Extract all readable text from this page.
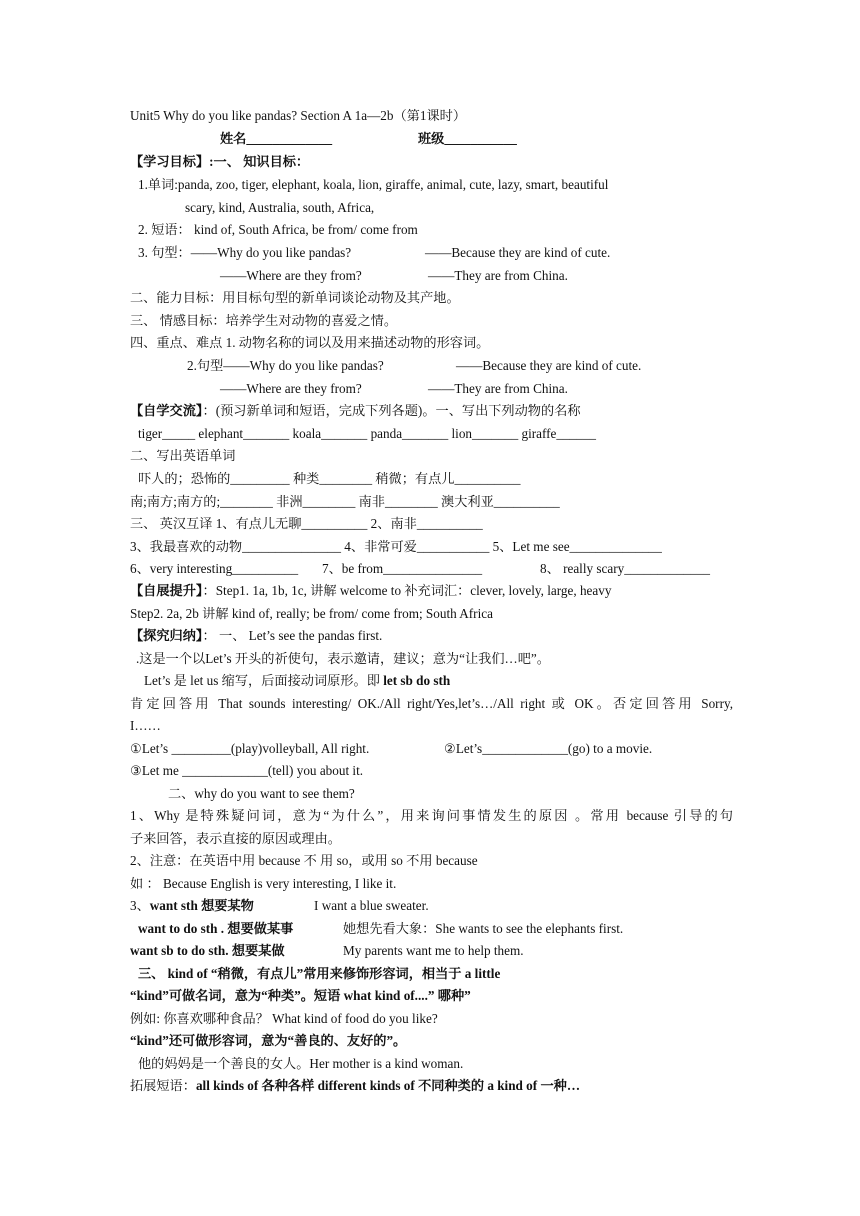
Unit5 Why do you like pandas? Section A 1a—2b（第1课时）
姓名_____________	班级___________
【学习目标】:一、 知识目标：
1.单词:panda, zoo, tiger, elephant, koala, lion, giraffe, animal, cute, lazy, smart, beautiful
scary, kind, Australia, south, Africa,
2. 短语： kind of, South Africa, be from/ come from
3. 句型：——Why do you like pandas?	——Because they are kind of cute.
——Where are they from?	——They are from China.
二、能力目标：用目标句型的新单词谈论动物及其产地。
三、 情感目标：培养学生对动物的喜爱之情。
四、重点、难点 1. 动物名称的词以及用来描述动物的形容词。
2.句型——Why do you like pandas?	——Because they are kind of cute.
——Where are they from?	——They are from China.
【自学交流】：(预习新单词和短语，完成下列各题)。一、写出下列动物的名称
tiger_____ elephant_______ koala_______ panda_______ lion_______ giraffe______
二、写出英语单词
吓人的；恐怖的_________ 种类________ 稍微；有点儿__________
南;南方;南方的;________ 非洲________ 南非________ 澳大利亚__________
三、 英汉互译 1、有点儿无聊__________ 2、南非__________
3、我最喜欢的动物_______________ 4、非常可爱___________ 5、Let me see______________
6、very interesting__________ 7、be from_______________	8、 really scary_____________
【自展提升】：Step1. 1a, 1b, 1c, 讲解 welcome to 补充词汇：clever, lovely, large, heavy
Step2. 2a, 2b 讲解 kind of, really; be from/ come from; South Africa
【探究归纳】： 一、 Let’s see the pandas first.
.这是一个以Let’s 开头的祈使句，表示邀请，建议；意为“让我们…吧”。
Let’s 是 let us 缩写，后面接动词原形。即 let sb do sth
肯定回答用 That sounds interesting/ OK./All right/Yes,let’s…/All right 或 OK。否定回答用 Sorry,
I……
①Let’s _________(play)volleyball, All right.	②Let’s_____________(go) to a movie.
③Let me _____________(tell) you about it.
二、why do you want to see them?
1、Why 是特殊疑问词，意为“为什么”，用来询问事情发生的原因 。常用 because 引导的句
子来回答，表示直接的原因或理由。
2、注意：在英语中用 because 不 用 so，或用 so 不用 because
如 ： Because English is very interesting, I like it.
3、want sth 想要某物	I want a blue sweater.
want to do sth . 想要做某事	她想先看大象：She wants to see the elephants first.
want sb to do sth. 想要某做	My parents want me to help them.
三、 kind of “稍微，有点儿”常用来修饰形容词，相当于 a little
“kind”可做名词，意为“种类”。短语 what kind of....” 哪种”
例如: 你喜欢哪种食品？ What kind of food do you like?
“kind”还可做形容词，意为“善良的、友好的”。
他的妈妈是一个善良的女人。Her mother is a kind woman.
拓展短语：all kinds of 各种各样 different kinds of 不同种类的 a kind of 一种…
